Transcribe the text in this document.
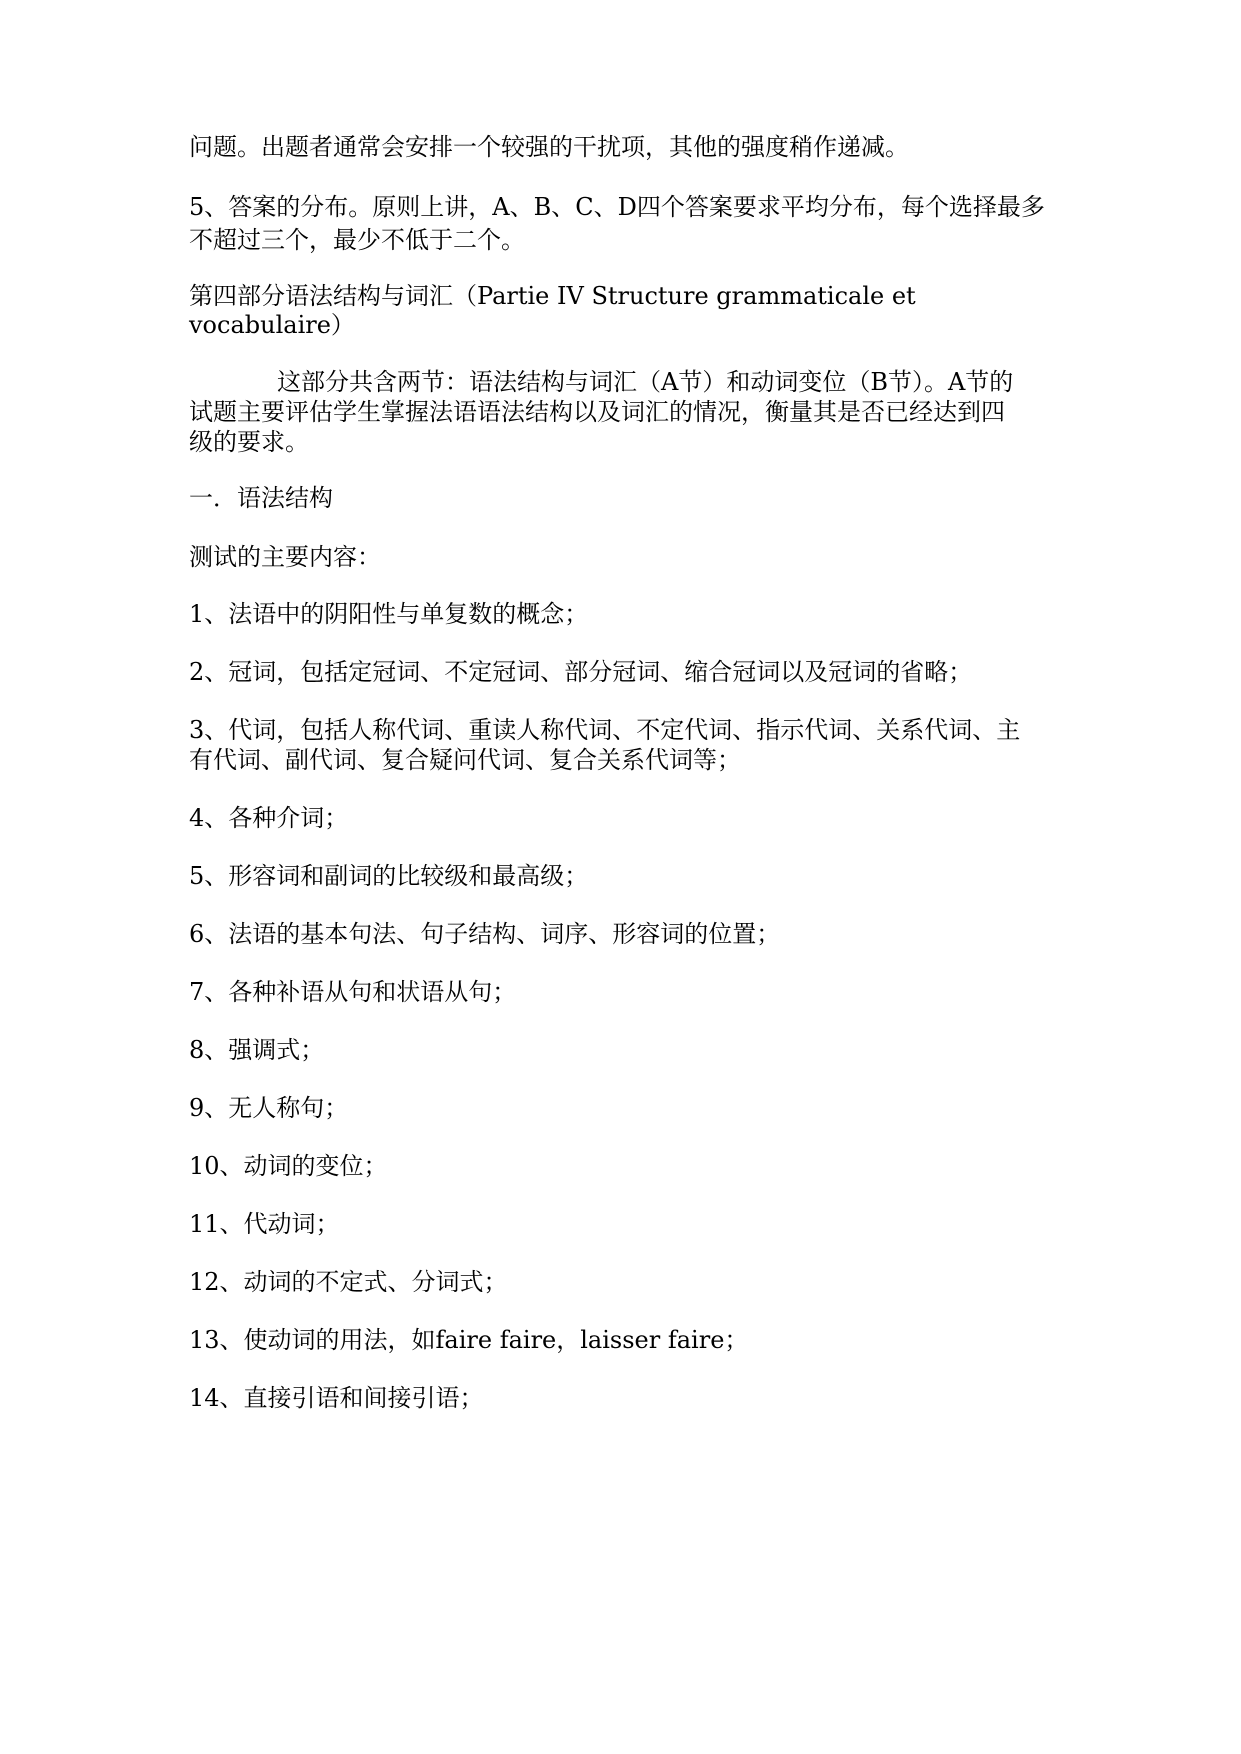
问题。出题者通常会安排一个较强的干扰项，其他的强度稍作递减。

5、答案的分布。原则上讲，A、B、C、D四个答案要求平均分布，每个选择最多

不超过三个，最少不低于二个。

第四部分语法结构与词汇（Partie IV Structure grammaticale et

vocabulaire）

这部分共含两节：语法结构与词汇（A节）和动词变位（B节）。A节的

试题主要评估学生掌握法语语法结构以及词汇的情况，衡量其是否已经达到四

级的要求。

一．语法结构

测试的主要内容：

1、法语中的阴阳性与单复数的概念；

2、冠词，包括定冠词、不定冠词、部分冠词、缩合冠词以及冠词的省略；

3、代词，包括人称代词、重读人称代词、不定代词、指示代词、关系代词、主

有代词、副代词、复合疑问代词、复合关系代词等；

4、各种介词；

5、形容词和副词的比较级和最高级；

6、法语的基本句法、句子结构、词序、形容词的位置；

7、各种补语从句和状语从句；

8、强调式；

9、无人称句；

10、动词的变位；

11、代动词；

12、动词的不定式、分词式；

13、使动词的用法，如faire faire，laisser faire；

14、直接引语和间接引语；
